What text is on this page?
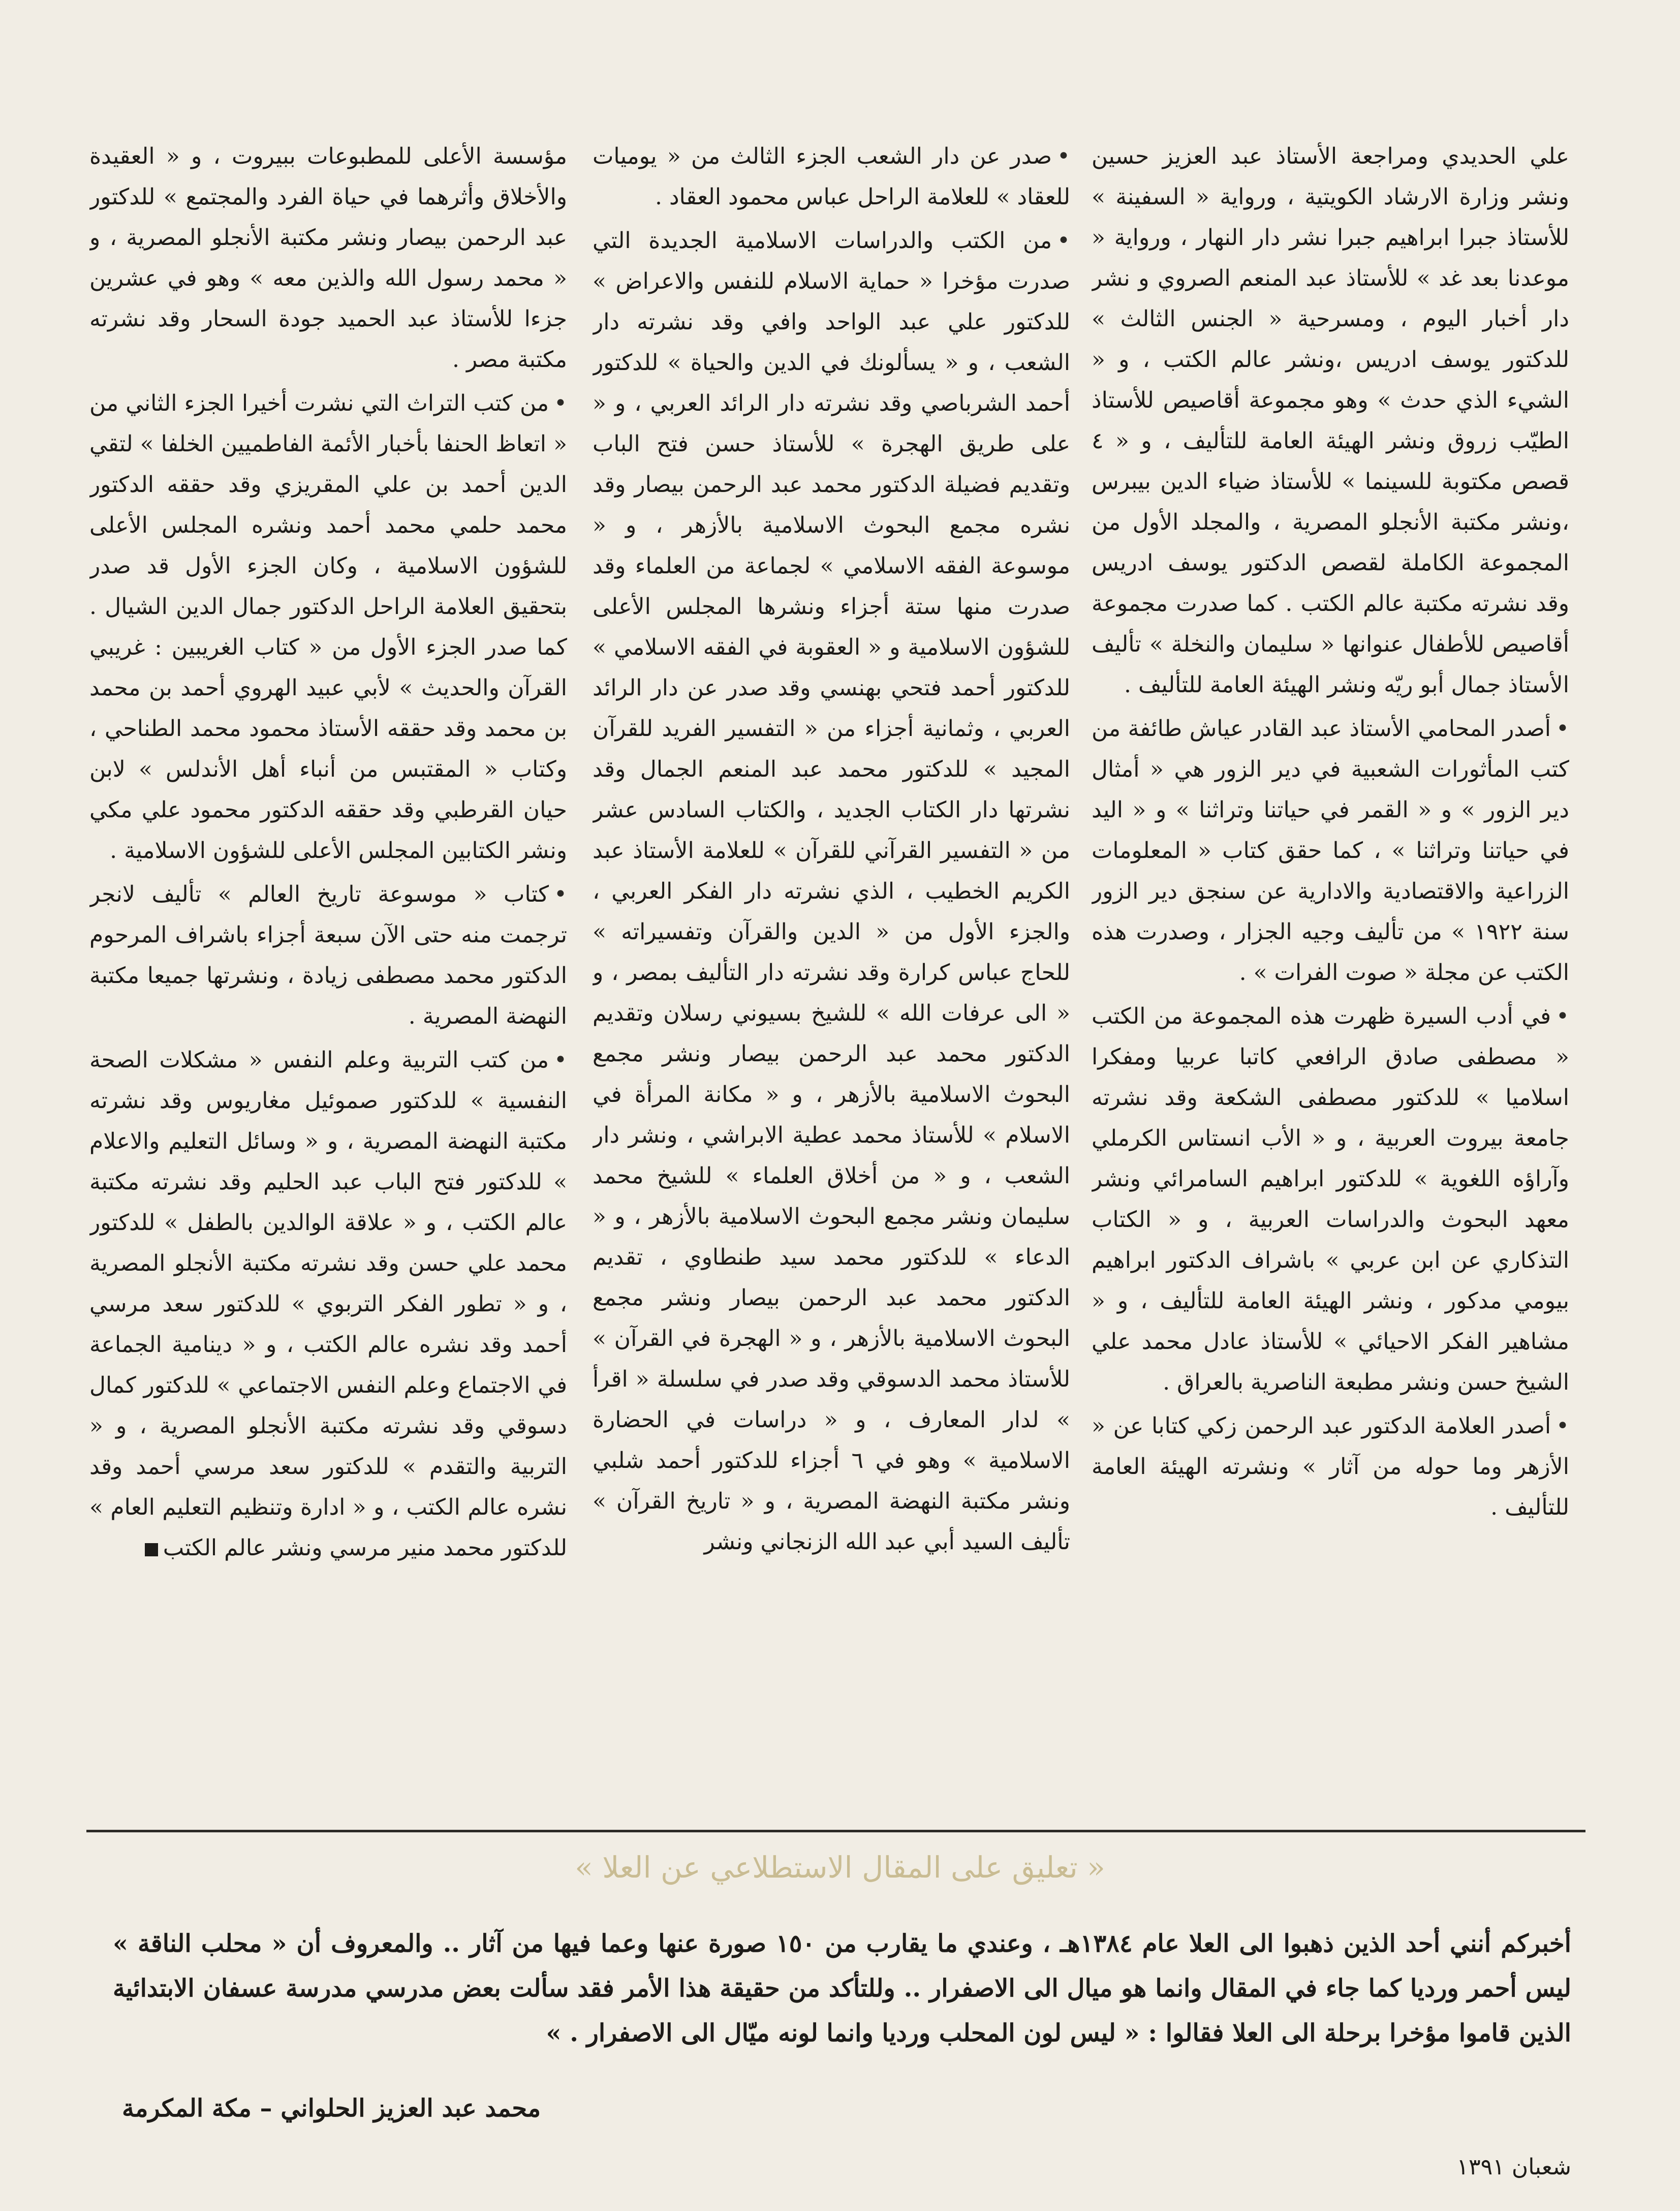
علي الحديدي ومراجعة الأستاذ عبد العزيز حسين ونشر وزارة الارشاد الكويتية ، ورواية « السفينة » للأستاذ جبرا ابراهيم جبرا نشر دار النهار ، ورواية « موعدنا بعد غد » للأستاذ عبد المنعم الصروي و نشر دار أخبار اليوم ، ومسرحية « الجنس الثالث » للدكتور يوسف ادريس ،ونشر عالم الكتب ، و « الشيء الذي حدث » وهو مجموعة أقاصيص للأستاذ الطيّب زروق ونشر الهيئة العامة للتأليف ، و « ٤ قصص مكتوبة للسينما » للأستاذ ضياء الدين بيبرس ،ونشر مكتبة الأنجلو المصرية ، والمجلد الأول من المجموعة الكاملة لقصص الدكتور يوسف ادريس وقد نشرته مكتبة عالم الكتب . كما صدرت مجموعة أقاصيص للأطفال عنوانها « سليمان والنخلة » تأليف الأستاذ جمال أبو ريّه ونشر الهيئة العامة للتأليف .

•أصدر المحامي الأستاذ عبد القادر عياش طائفة من كتب المأثورات الشعبية في دير الزور هي « أمثال دير الزور » و « القمر في حياتنا وتراثنا » و « اليد في حياتنا وتراثنا » ، كما حقق كتاب « المعلومات الزراعية والاقتصادية والادارية عن سنجق دير الزور سنة ١٩٢٢ » من تأليف وجيه الجزار ، وصدرت هذه الكتب عن مجلة « صوت الفرات » .

•في أدب السيرة ظهرت هذه المجموعة من الكتب « مصطفى صادق الرافعي كاتبا عربيا ومفكرا اسلاميا » للدكتور مصطفى الشكعة وقد نشرته جامعة بيروت العربية ، و « الأب انستاس الكرملي وآراؤه اللغوية » للدكتور ابراهيم السامرائي ونشر معهد البحوث والدراسات العربية ، و « الكتاب التذكاري عن ابن عربي » باشراف الدكتور ابراهيم بيومي مدكور ، ونشر الهيئة العامة للتأليف ، و « مشاهير الفكر الاحيائي » للأستاذ عادل محمد علي الشيخ حسن ونشر مطبعة الناصرية بالعراق .

•أصدر العلامة الدكتور عبد الرحمن زكي كتابا عن « الأزهر وما حوله من آثار » ونشرته الهيئة العامة للتأليف .

•صدر عن دار الشعب الجزء الثالث من « يوميات للعقاد » للعلامة الراحل عباس محمود العقاد .

•من الكتب والدراسات الاسلامية الجديدة التي صدرت مؤخرا « حماية الاسلام للنفس والاعراض » للدكتور علي عبد الواحد وافي وقد نشرته دار الشعب ، و « يسألونك في الدين والحياة » للدكتور أحمد الشرباصي وقد نشرته دار الرائد العربي ، و « على طريق الهجرة » للأستاذ حسن فتح الباب وتقديم فضيلة الدكتور محمد عبد الرحمن بيصار وقد نشره مجمع البحوث الاسلامية بالأزهر ، و « موسوعة الفقه الاسلامي » لجماعة من العلماء وقد صدرت منها ستة أجزاء ونشرها المجلس الأعلى للشؤون الاسلامية و « العقوبة في الفقه الاسلامي » للدكتور أحمد فتحي بهنسي وقد صدر عن دار الرائد العربي ، وثمانية أجزاء من « التفسير الفريد للقرآن المجيد » للدكتور محمد عبد المنعم الجمال وقد نشرتها دار الكتاب الجديد ، والكتاب السادس عشر من « التفسير القرآني للقرآن » للعلامة الأستاذ عبد الكريم الخطيب ، الذي نشرته دار الفكر العربي ، والجزء الأول من « الدين والقرآن وتفسيراته » للحاج عباس كرارة وقد نشرته دار التأليف بمصر ، و « الى عرفات الله » للشيخ بسيوني رسلان وتقديم الدكتور محمد عبد الرحمن بيصار ونشر مجمع البحوث الاسلامية بالأزهر ، و « مكانة المرأة في الاسلام » للأستاذ محمد عطية الابراشي ، ونشر دار الشعب ، و « من أخلاق العلماء » للشيخ محمد سليمان ونشر مجمع البحوث الاسلامية بالأزهر ، و « الدعاء » للدكتور محمد سيد طنطاوي ، تقديم الدكتور محمد عبد الرحمن بيصار ونشر مجمع البحوث الاسلامية بالأزهر ، و « الهجرة في القرآن » للأستاذ محمد الدسوقي وقد صدر في سلسلة « اقرأ » لدار المعارف ، و « دراسات في الحضارة الاسلامية » وهو في ٦ أجزاء للدكتور أحمد شلبي ونشر مكتبة النهضة المصرية ، و « تاريخ القرآن » تأليف السيد أبي عبد الله الزنجاني ونشر

مؤسسة الأعلى للمطبوعات ببيروت ، و « العقيدة والأخلاق وأثرهما في حياة الفرد والمجتمع » للدكتور عبد الرحمن بيصار ونشر مكتبة الأنجلو المصرية ، و « محمد رسول الله والذين معه » وهو في عشرين جزءا للأستاذ عبد الحميد جودة السحار وقد نشرته مكتبة مصر .

•من كتب التراث التي نشرت أخيرا الجزء الثاني من « اتعاظ الحنفا بأخبار الأئمة الفاطميين الخلفا » لتقي الدين أحمد بن علي المقريزي وقد حققه الدكتور محمد حلمي محمد أحمد ونشره المجلس الأعلى للشؤون الاسلامية ، وكان الجزء الأول قد صدر بتحقيق العلامة الراحل الدكتور جمال الدين الشيال . كما صدر الجزء الأول من « كتاب الغريبين : غريبي القرآن والحديث » لأبي عبيد الهروي أحمد بن محمد بن محمد وقد حققه الأستاذ محمود محمد الطناحي ، وكتاب « المقتبس من أنباء أهل الأندلس » لابن حيان القرطبي وقد حققه الدكتور محمود علي مكي ونشر الكتابين المجلس الأعلى للشؤون الاسلامية .

•كتاب « موسوعة تاريخ العالم » تأليف لانجر ترجمت منه حتى الآن سبعة أجزاء باشراف المرحوم الدكتور محمد مصطفى زيادة ، ونشرتها جميعا مكتبة النهضة المصرية .

•من كتب التربية وعلم النفس « مشكلات الصحة النفسية » للدكتور صموئيل مغاريوس وقد نشرته مكتبة النهضة المصرية ، و « وسائل التعليم والاعلام » للدكتور فتح الباب عبد الحليم وقد نشرته مكتبة عالم الكتب ، و « علاقة الوالدين بالطفل » للدكتور محمد علي حسن وقد نشرته مكتبة الأنجلو المصرية ، و « تطور الفكر التربوي » للدكتور سعد مرسي أحمد وقد نشره عالم الكتب ، و « دينامية الجماعة في الاجتماع وعلم النفس الاجتماعي » للدكتور كمال دسوقي وقد نشرته مكتبة الأنجلو المصرية ، و « التربية والتقدم » للدكتور سعد مرسي أحمد وقد نشره عالم الكتب ، و « ادارة وتنظيم التعليم العام » للدكتور محمد منير مرسي ونشر عالم الكتب

« تعليق على المقال الاستطلاعي عن العلا »
أخبركم أنني أحد الذين ذهبوا الى العلا عام ١٣٨٤هـ ، وعندي ما يقارب من ١٥٠ صورة عنها وعما فيها من آثار .. والمعروف أن « محلب الناقة » ليس أحمر ورديا كما جاء في المقال وانما هو ميال الى الاصفرار .. وللتأكد من حقيقة هذا الأمر فقد سألت بعض مدرسي مدرسة عسفان الابتدائية الذين قاموا مؤخرا برحلة الى العلا فقالوا : « ليس لون المحلب ورديا وانما لونه ميّال الى الاصفرار . »
محمد عبد العزيز الحلواني – مكة المكرمة
شعبان ١٣٩١
